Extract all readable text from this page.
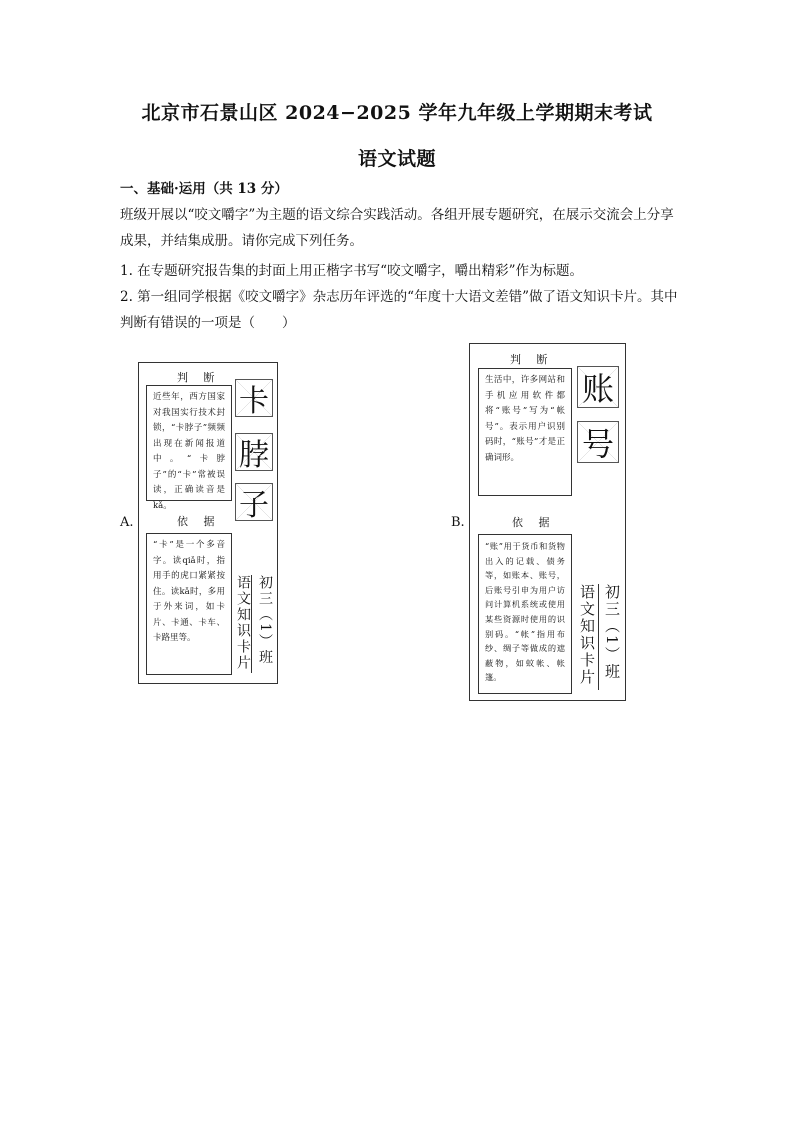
北京市石景山区 2024−2025 学年九年级上学期期末考试
语文试题

一、基础·运用（共 13 分）

班级开展以“咬文嚼字”为主题的语文综合实践活动。各组开展专题研究，在展示交流会上分享成果，并结集成册。请你完成下列任务。

1. 在专题研究报告集的封面上用正楷字书写“咬文嚼字，嚼出精彩”作为标题。

2. 第一组同学根据《咬文嚼字》杂志历年评选的“年度十大语文差错”做了语文知识卡片。其中判断有错误的一项是（　　）

A.
判 断
近些年，西方国家对我国实行技术封锁，“卡脖子”频频出现在新闻报道中。“卡脖子”的“卡”常被误读，正确读音是kǎ。
卡
脖
子
依 据
“卡”是一个多音字。读qiǎ时，指用手的虎口紧紧按住。读kǎ时，多用于外来词，如卡片、卡通、卡车、卡路里等。	语文知识卡片 初三（1）班
B.
判 断
生活中，许多网站和手机应用软件都将“账号”写为“帐号”。表示用户识别码时，“账号”才是正确词形。
账
号
依 据
“账”用于货币和货物出入的记载、债务等，如账本、账号，后账号引申为用户访问计算机系统或使用某些资源时使用的识别码。“帐”指用布纱、绸子等做成的遮蔽物，如蚊帐、帐篷。	语文知识卡片 初三（1）班
